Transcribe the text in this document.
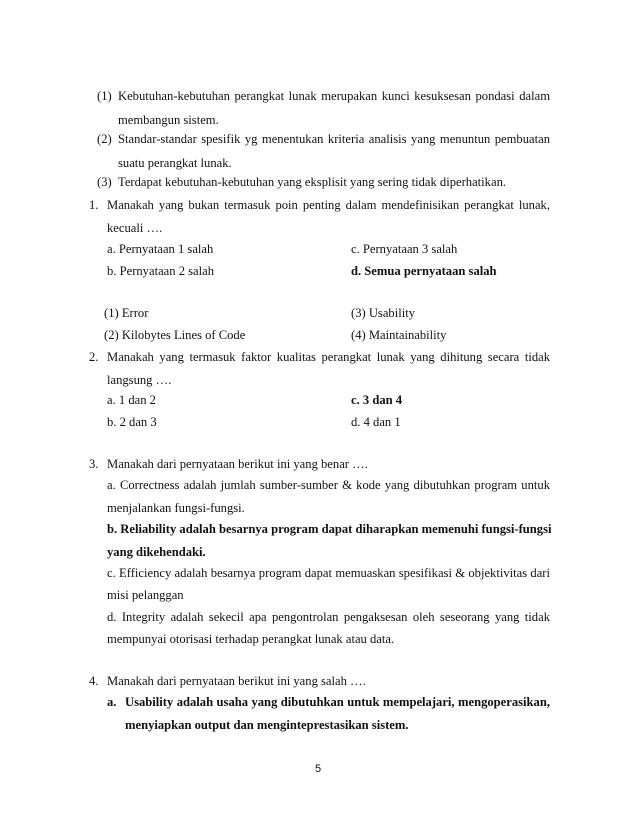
(1) Kebutuhan-kebutuhan perangkat lunak merupakan kunci kesuksesan pondasi dalam
membangun sistem.
(2) Standar-standar spesifik yg menentukan kriteria analisis yang menuntun pembuatan
suatu perangkat lunak.
(3) Terdapat kebutuhan-kebutuhan yang eksplisit yang sering tidak diperhatikan.
1. Manakah yang bukan termasuk poin penting dalam mendefinisikan perangkat lunak,
kecuali ….
a. Pernyataan 1 salah	c. Pernyataan 3 salah
b. Pernyataan 2 salah	d. Semua pernyataan salah
(1) Error	(3) Usability
(2) Kilobytes Lines of Code	(4) Maintainability
2. Manakah yang termasuk faktor kualitas perangkat lunak yang dihitung secara tidak
langsung ….
a. 1 dan 2	c. 3 dan 4
b. 2 dan 3	d. 4 dan 1
3. Manakah dari pernyataan berikut ini yang benar ….
a. Correctness adalah jumlah sumber-sumber & kode yang dibutuhkan program untuk
menjalankan fungsi-fungsi.
b. Reliability adalah besarnya program dapat diharapkan memenuhi fungsi-fungsi
yang dikehendaki.
c. Efficiency adalah besarnya program dapat memuaskan spesifikasi & objektivitas dari
misi pelanggan
d. Integrity adalah sekecil apa pengontrolan pengaksesan oleh seseorang yang tidak
mempunyai otorisasi terhadap perangkat lunak atau data.
4. Manakah dari pernyataan berikut ini yang salah ….
a. Usability adalah usaha yang dibutuhkan untuk mempelajari, mengoperasikan,
menyiapkan output dan menginteprestasikan sistem.
5
